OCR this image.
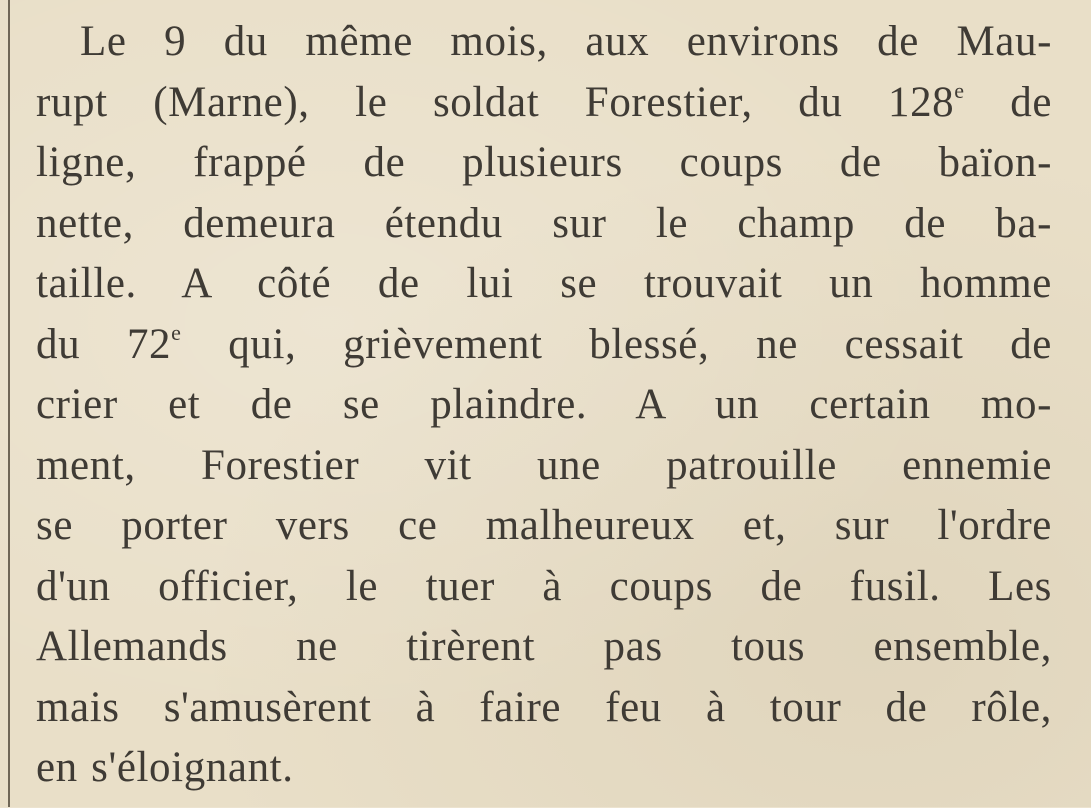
Le 9 du même mois, aux environs de Mau-
rupt (Marne), le soldat Forestier, du 128e de
ligne, frappé de plusieurs coups de baïon-
nette, demeura étendu sur le champ de ba-
taille. A côté de lui se trouvait un homme
du 72e qui, grièvement blessé, ne cessait de
crier et de se plaindre. A un certain mo-
ment, Forestier vit une patrouille ennemie
se porter vers ce malheureux et, sur l'ordre
d'un officier, le tuer à coups de fusil. Les
Allemands ne tirèrent pas tous ensemble,
mais s'amusèrent à faire feu à tour de rôle,
en s'éloignant.
